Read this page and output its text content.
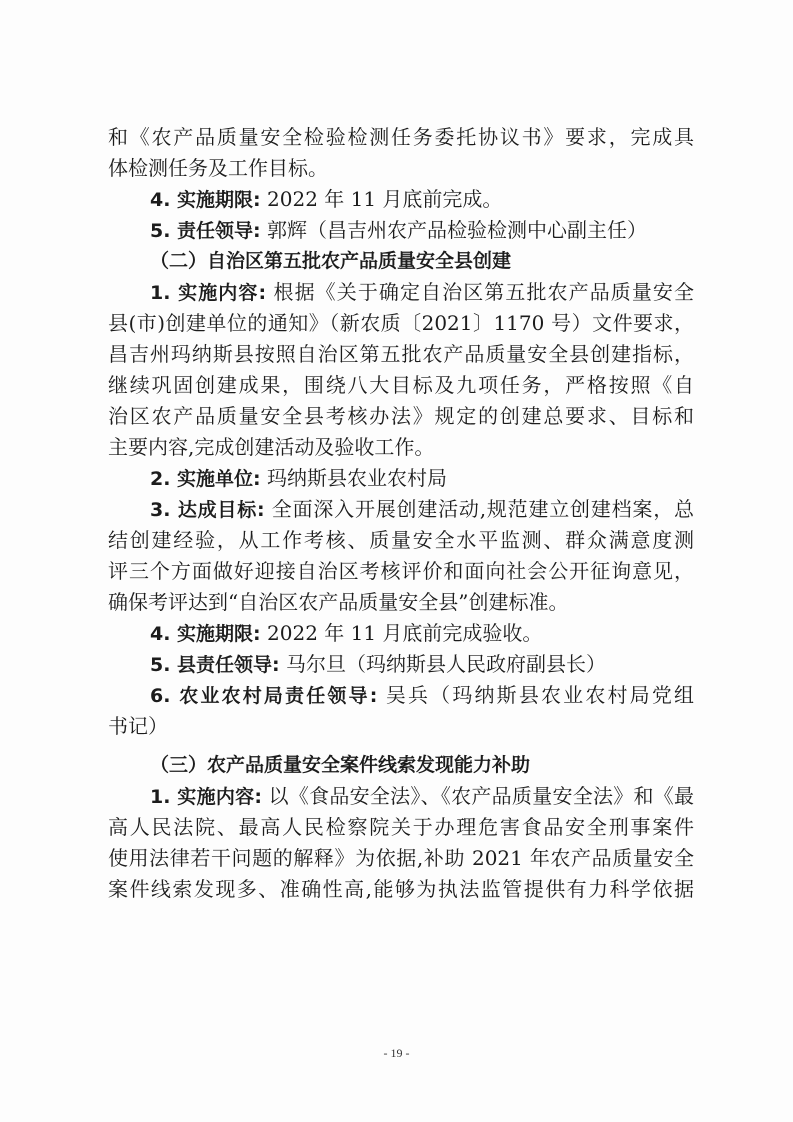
和《农产品质量安全检验检测任务委托协议书》要求，完成具
体检测任务及工作目标。
4. 实施期限: 2022 年 11 月底前完成。
5. 责任领导: 郭辉（昌吉州农产品检验检测中心副主任）
（二）自治区第五批农产品质量安全县创建
1. 实施内容: 根据《关于确定自治区第五批农产品质量安全
县(市)创建单位的通知》（新农质〔2021〕1170 号）文件要求，
昌吉州玛纳斯县按照自治区第五批农产品质量安全县创建指标，
继续巩固创建成果，围绕八大目标及九项任务，严格按照《自
治区农产品质量安全县考核办法》规定的创建总要求、目标和
主要内容,完成创建活动及验收工作。
2. 实施单位: 玛纳斯县农业农村局
3. 达成目标: 全面深入开展创建活动,规范建立创建档案，总
结创建经验，从工作考核、质量安全水平监测、群众满意度测
评三个方面做好迎接自治区考核评价和面向社会公开征询意见，
确保考评达到“自治区农产品质量安全县”创建标准。
4. 实施期限: 2022 年 11 月底前完成验收。
5. 县责任领导: 马尔旦（玛纳斯县人民政府副县长）
6. 农业农村局责任领导: 吴兵（玛纳斯县农业农村局党组
书记）
（三）农产品质量安全案件线索发现能力补助
1. 实施内容: 以《食品安全法》、《农产品质量安全法》和《最
高人民法院、最高人民检察院关于办理危害食品安全刑事案件
使用法律若干问题的解释》为依据,补助 2021 年农产品质量安全
案件线索发现多、准确性高,能够为执法监管提供有力科学依据
- 19 -
